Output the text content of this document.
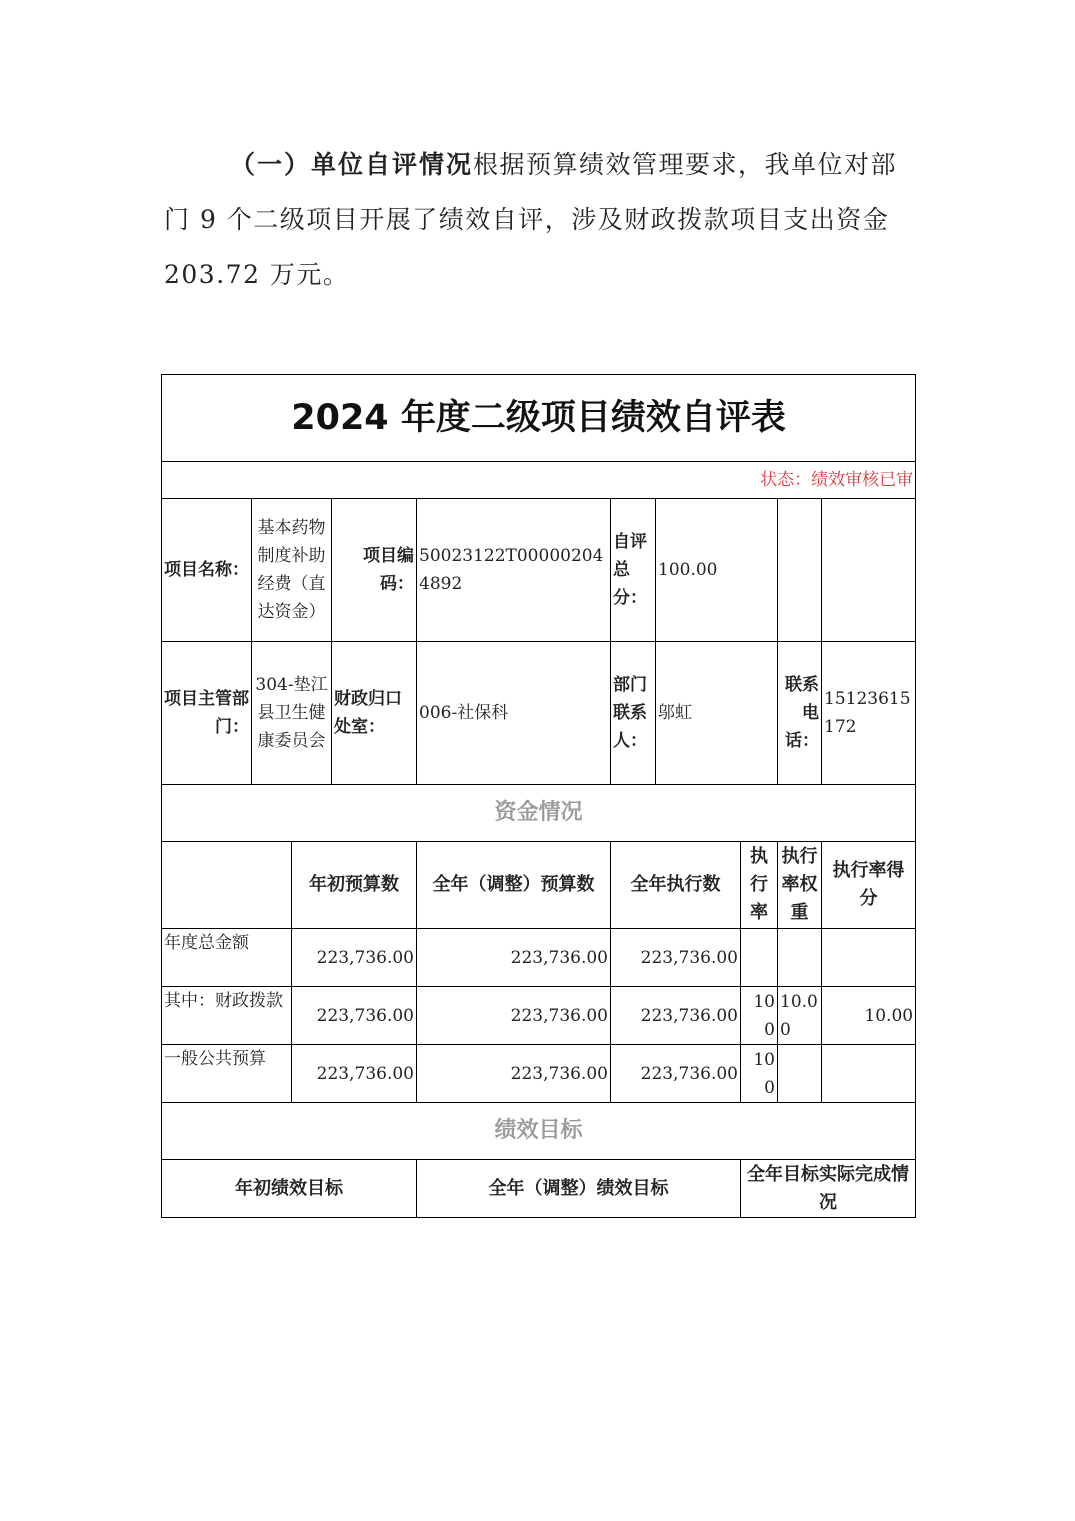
（一）单位自评情况根据预算绩效管理要求，我单位对部门 9 个二级项目开展了绩效自评，涉及财政拨款项目支出资金 203.72 万元。

2024 年度二级项目绩效自评表									
状态：绩效审核已审									
项目名称：	基本药物制度补助经费（直达资金）		项目编码：	50023122T000002044892	自评总分：	100.00			
项目主管部门：	304-垫江县卫生健康委员会		财政归口处室：	006-社保科	部门联系人：	邬虹		联系电话：	15123615172
资金情况									
		年初预算数		全年（调整）预算数	全年执行数		执行率	执行率权重	执行率得分
年度总金额		223,736.00		223,736.00	223,736.00				
其中：财政拨款		223,736.00		223,736.00	223,736.00		100	10.00	10.00
一般公共预算		223,736.00		223,736.00	223,736.00		100		
绩效目标									
年初绩效目标				全年（调整）绩效目标			全年目标实际完成情况		
